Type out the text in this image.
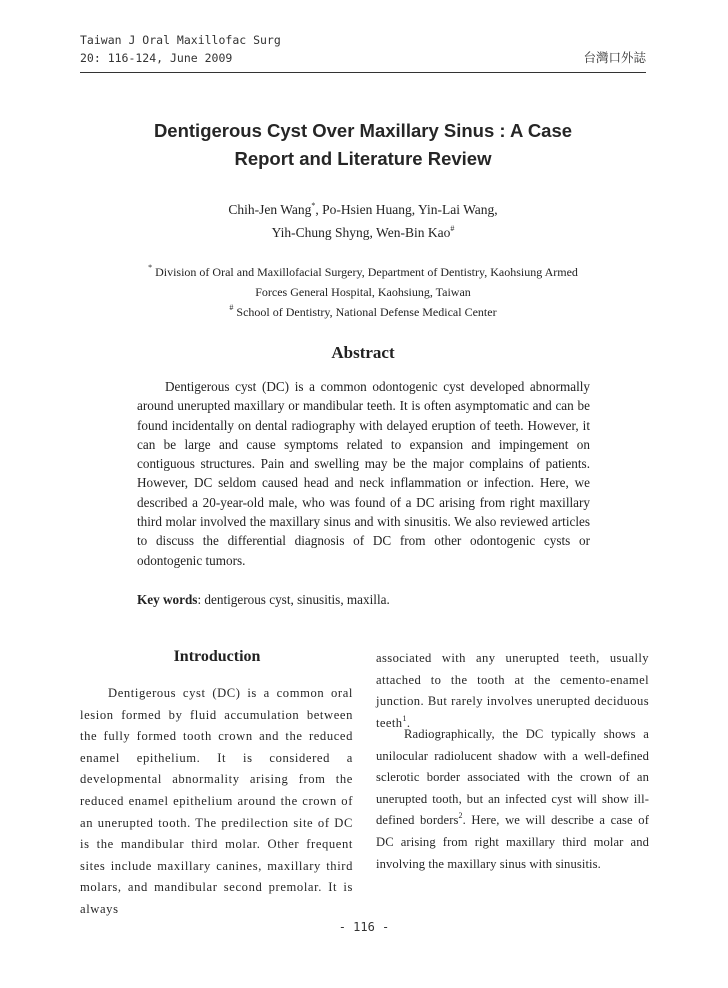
Taiwan J Oral Maxillofac Surg
20: 116-124, June 2009	台灣口外誌
Dentigerous Cyst Over Maxillary Sinus : A Case
Report and Literature Review
Chih-Jen Wang*, Po-Hsien Huang, Yin-Lai Wang,
Yih-Chung Shyng, Wen-Bin Kao#
* Division of Oral and Maxillofacial Surgery, Department of Dentistry, Kaohsiung Armed
Forces General Hospital, Kaohsiung, Taiwan
# School of Dentistry, National Defense Medical Center
Abstract

Dentigerous cyst (DC) is a common odontogenic cyst developed abnormally around unerupted maxillary or mandibular teeth. It is often asymptomatic and can be found incidentally on dental radiography with delayed eruption of teeth. However, it can be large and cause symptoms related to expansion and impingement on contiguous structures. Pain and swelling may be the major complains of patients. However, DC seldom caused head and neck inflammation or infection. Here, we described a 20-year-old male, who was found of a DC arising from right maxillary third molar involved the maxillary sinus and with sinusitis. We also reviewed articles to discuss the differential diagnosis of DC from other odontogenic cysts or odontogenic tumors.

Key words: dentigerous cyst, sinusitis, maxilla.
Introduction

Dentigerous cyst (DC) is a common oral lesion formed by fluid accumulation between the fully formed tooth crown and the reduced enamel epithelium. It is considered a developmental abnormality arising from the reduced enamel epithelium around the crown of an unerupted tooth. The predilection site of DC is the mandibular third molar. Other frequent sites include maxillary canines, maxillary third molars, and mandibular second premolar. It is always

associated with any unerupted teeth, usually attached to the tooth at the cemento-enamel junction. But rarely involves unerupted deciduous teeth$^1$.

Radiographically, the DC typically shows a unilocular radiolucent shadow with a well-defined sclerotic border associated with the crown of an unerupted tooth, but an infected cyst will show ill-defined borders$^2$. Here, we will describe a case of DC arising from right maxillary third molar and involving the maxillary sinus with sinusitis.

- 116 -
